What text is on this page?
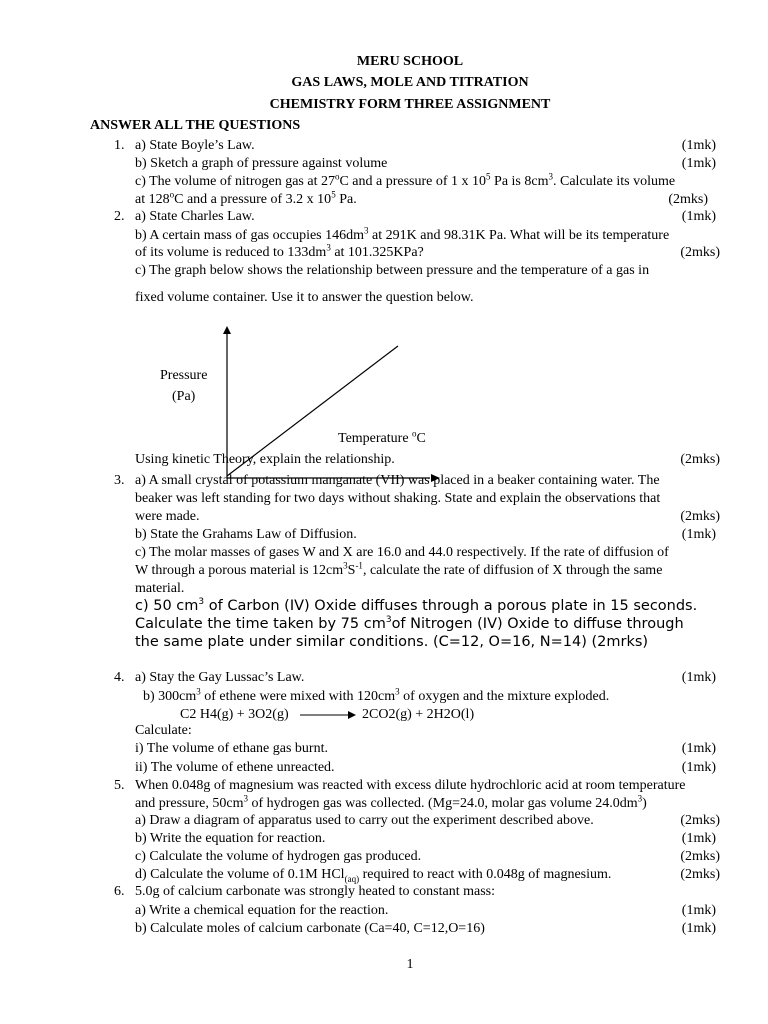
MERU SCHOOL
GAS LAWS, MOLE AND TITRATION
CHEMISTRY FORM THREE ASSIGNMENT
ANSWER ALL THE QUESTIONS
1. a) State Boyle’s Law.	(1mk)
b) Sketch a graph of pressure against volume	(1mk)
c) The volume of nitrogen gas at 27$^o$C and a pressure of 1 x $10^5$ Pa is $8cm^3$. Calculate its volume
at 128$^o$C and a pressure of 3.2 x $10^5$ Pa.	(2mks)
2. a) State Charles Law.	(1mk)
b) A certain mass of gas occupies $146dm^3$ at 291K and 98.31K Pa. What will be its temperature
of its volume is reduced to $133dm^3$ at 101.325KPa?	(2mks)
c) The graph below shows the relationship between pressure and the temperature of a gas in
fixed volume container. Use it to answer the question below.
Pressure
(Pa)
Temperature $^o$C
Using kinetic Theory, explain the relationship.	(2mks)
3. a) A small crystal of potassium manganate (VII) was placed in a beaker containing water. The
beaker was left standing for two days without shaking. State and explain the observations that
were made.	(2mks)
b) State the Grahams Law of Diffusion.	(1mk)
c) The molar masses of gases W and X are 16.0 and 44.0 respectively. If the rate of diffusion of
W through a porous material is $12cm^3S^{-1}$, calculate the rate of diffusion of X through the same
material.
c) 50 $cm^3$ of Carbon (IV) Oxide diffuses through a porous plate in 15 seconds.
Calculate the time taken by 75 $cm^3of$ Nitrogen (IV) Oxide to diffuse through
the same plate under similar conditions. (C=12, O=16, N=14) (2mrks)
4. a) Stay the Gay Lussac’s Law.	(1mk)
b) $300cm^3$ of ethene were mixed with $120cm^3$ of oxygen and the mixture exploded.
C2 H4(g) + 3O2(g)	2CO2(g) + 2H2O(l)
Calculate:
i) The volume of ethane gas burnt.	(1mk)
ii) The volume of ethene unreacted.	(1mk)
5. When 0.048g of magnesium was reacted with excess dilute hydrochloric acid at room temperature
and pressure, $50cm^3$ of hydrogen gas was collected. (Mg=24.0, molar gas volume $24.0dm^3$)
a) Draw a diagram of apparatus used to carry out the experiment described above.	(2mks)
b) Write the equation for reaction.	(1mk)
c) Calculate the volume of hydrogen gas produced.	(2mks)
d) Calculate the volume of 0.1M HCl$_{(aq)}$ required to react with 0.048g of magnesium.	(2mks)
6. 5.0g of calcium carbonate was strongly heated to constant mass:
a) Write a chemical equation for the reaction.	(1mk)
b) Calculate moles of calcium carbonate (Ca=40, C=12,O=16)	(1mk)
1
